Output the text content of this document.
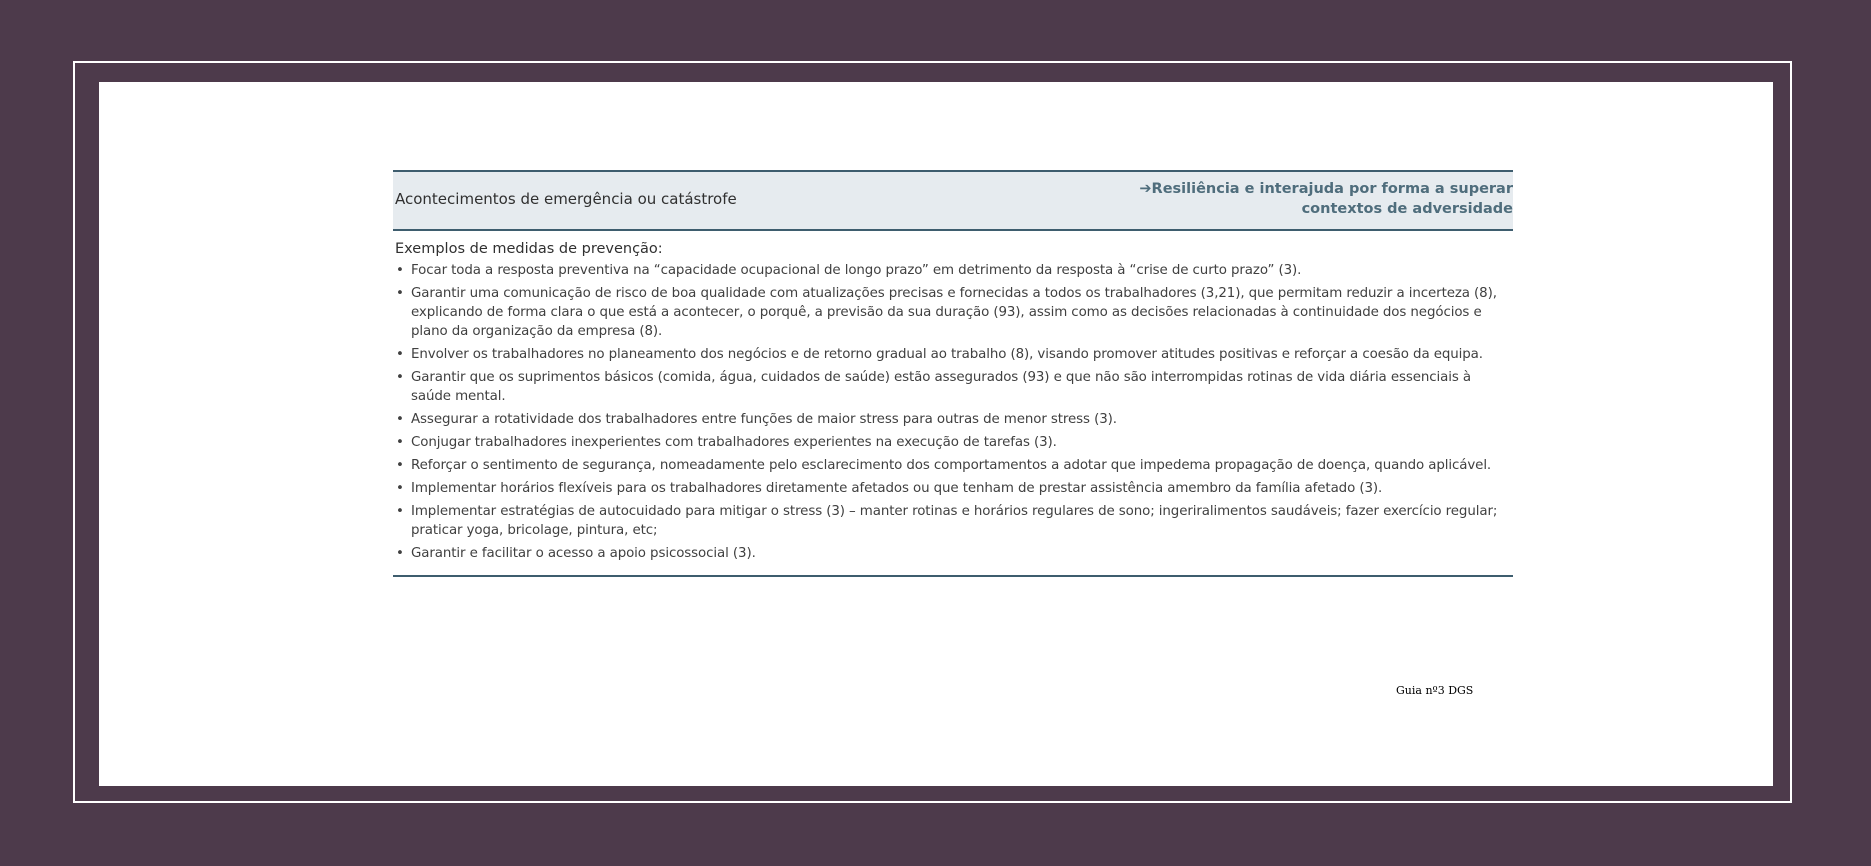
Acontecimentos de emergência ou catástrofe
➔Resiliência e interajuda por forma a superar
contextos de adversidade
Exemplos de medidas de prevenção:
• Focar toda a resposta preventiva na “capacidade ocupacional de longo prazo” em detrimento da resposta à “crise de curto prazo” (3).
• Garantir uma comunicação de risco de boa qualidade com atualizações precisas e fornecidas a todos os trabalhadores (3,21), que permitam reduzir a incerteza (8), explicando de forma clara o que está a acontecer, o porquê, a previsão da sua duração (93), assim como as decisões relacionadas à continuidade dos negócios e plano da organização da empresa (8).
• Envolver os trabalhadores no planeamento dos negócios e de retorno gradual ao trabalho (8), visando promover atitudes positivas e reforçar a coesão da equipa.
• Garantir que os suprimentos básicos (comida, água, cuidados de saúde) estão assegurados (93) e que não são interrompidas rotinas de vida diária essenciais à saúde mental.
• Assegurar a rotatividade dos trabalhadores entre funções de maior stress para outras de menor stress (3).
• Conjugar trabalhadores inexperientes com trabalhadores experientes na execução de tarefas (3).
• Reforçar o sentimento de segurança, nomeadamente pelo esclarecimento dos comportamentos a adotar que impedema propagação de doença, quando aplicável.
• Implementar horários flexíveis para os trabalhadores diretamente afetados ou que tenham de prestar assistência amembro da família afetado (3).
• Implementar estratégias de autocuidado para mitigar o stress (3) – manter rotinas e horários regulares de sono; ingeriralimentos saudáveis; fazer exercício regular; praticar yoga, bricolage, pintura, etc;
• Garantir e facilitar o acesso a apoio psicossocial (3).
Guia nº3 DGS
